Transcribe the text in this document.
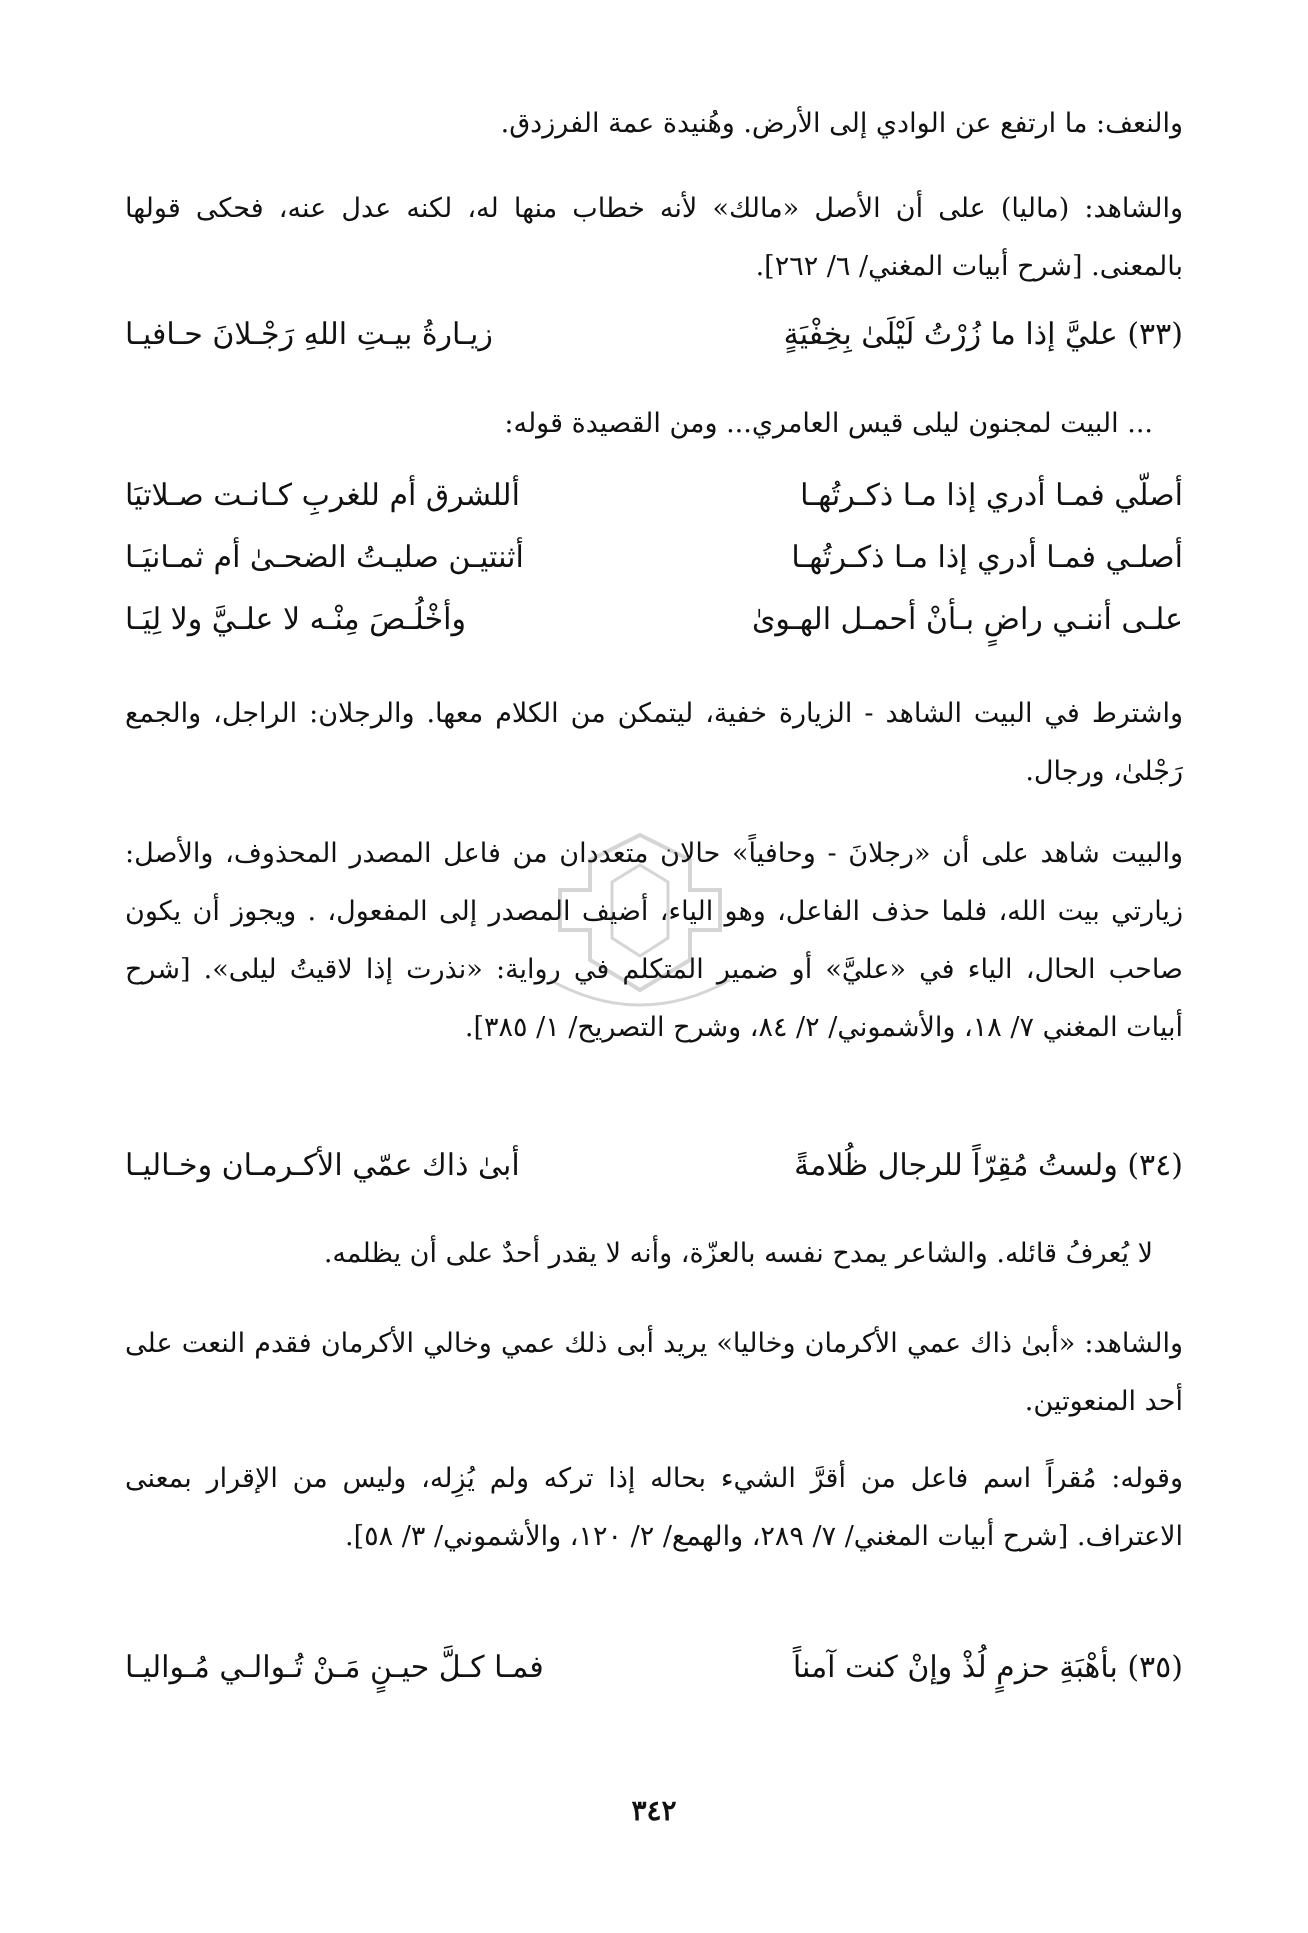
والنعف: ما ارتفع عن الوادي إلى الأرض. وهُنيدة عمة الفرزدق.
والشاهد: (ماليا) على أن الأصل «مالك» لأنه خطاب منها له، لكنه عدل عنه، فحكى قولها بالمعنى. [شرح أبيات المغني/ ٦/ ٢٦٢].
(٣٣) عليَّ إذا ما زُرْتُ لَيْلَىٰ بِخِفْيَةٍ
زيـارةُ بيـتِ اللهِ رَجْـلانَ حـافيـا
... البيت لمجنون ليلى قيس العامري... ومن القصيدة قوله:
أصلّي فمـا أدري إذا مـا ذكـرتُهـا
أللشرق أم للغربِ كـانـت صـلاتيَا
أصلـي فمـا أدري إذا مـا ذكـرتُهـا
أثنتيـن صليـتُ الضحـىٰ أم ثمـانيَـا
علـى أننـي راضٍ بـأنْ أحمـل الهـوىٰ
وأخْلُـصَ مِنْـه لا علـيَّ ولا لِيَـا
واشترط في البيت الشاهد - الزيارة خفية، ليتمكن من الكلام معها. والرجلان: الراجل، والجمع رَجْلىٰ، ورجال.
والبيت شاهد على أن «رجلانَ - وحافياً» حالان متعددان من فاعل المصدر المحذوف، والأصل: زيارتي بيت الله، فلما حذف الفاعل، وهو الياء، أضيف المصدر إلى المفعول، . ويجوز أن يكون صاحب الحال، الياء في «عليَّ» أو ضمير المتكلم في رواية: «نذرت إذا لاقيتُ ليلى». [شرح أبيات المغني ٧/ ١٨، والأشموني/ ٢/ ٨٤، وشرح التصريح/ ١/ ٣٨٥].
(٣٤) ولستُ مُقِرّاً للرجال ظُلامةً
أبىٰ ذاك عمّي الأكـرمـان وخـاليـا
لا يُعرفُ قائله. والشاعر يمدح نفسه بالعزّة، وأنه لا يقدر أحدٌ على أن يظلمه.
والشاهد: «أبىٰ ذاك عمي الأكرمان وخاليا» يريد أبى ذلك عمي وخالي الأكرمان فقدم النعت على أحد المنعوتين.
وقوله: مُقراً اسم فاعل من أقرَّ الشيء بحاله إذا تركه ولم يُزِله، وليس من الإقرار بمعنى الاعتراف. [شرح أبيات المغني/ ٧/ ٢٨٩، والهمع/ ٢/ ١٢٠، والأشموني/ ٣/ ٥٨].
(٣٥) بأهْبَةِ حزمٍ لُذْ وإنْ كنت آمناً
فمـا كـلَّ حيـنٍ مَـنْ تُـوالـي مُـواليـا
٣٤٢
